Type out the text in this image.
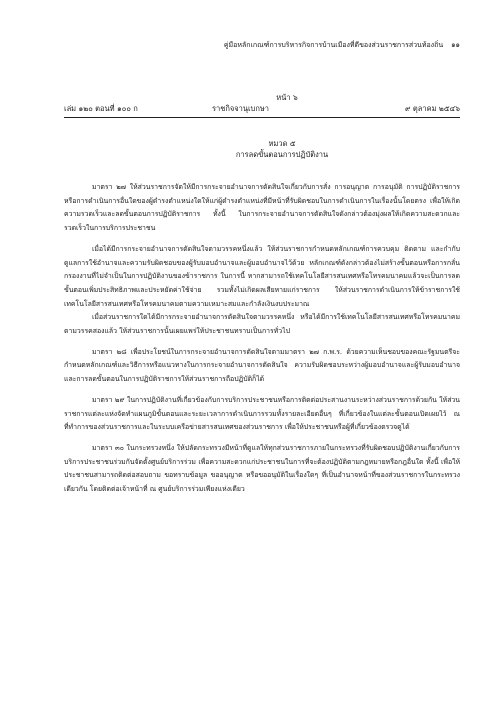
คู่มือหลักเกณฑ์การบริหารกิจการบ้านเมืองที่ดีของส่วนราชการส่วนท้องถิ่น ๑๑
หน้า ๖
เล่ม ๑๒๐ ตอนที่ ๑๐๐ ก	ราชกิจจานุเบกษา	๙ ตุลาคม ๒๕๔๖
หมวด ๕
การลดขั้นตอนการปฏิบัติงาน

มาตรา ๒๗ ให้ส่วนราชการจัดให้มีการกระจายอำนาจการตัดสินใจเกี่ยวกับการสั่ง การอนุญาต การอนุมัติ การปฏิบัติราชการ หรือการดำเนินการอื่นใดของผู้ดำรงตำแหน่งใดให้แก่ผู้ดำรงตำแหน่งที่มีหน้าที่รับผิดชอบในการดำเนินการในเรื่องนั้นโดยตรง เพื่อให้เกิดความรวดเร็วและลดขั้นตอนการปฏิบัติราชการ ทั้งนี้ ในการกระจายอำนาจการตัดสินใจดังกล่าวต้องมุ่งผลให้เกิดความสะดวกและรวดเร็วในการบริการประชาชน

เมื่อได้มีการกระจายอำนาจการตัดสินใจตามวรรคหนึ่งแล้ว ให้ส่วนราชการกำหนดหลักเกณฑ์การควบคุม ติดตาม และกำกับดูแลการใช้อำนาจและความรับผิดชอบของผู้รับมอบอำนาจและผู้มอบอำนาจไว้ด้วย หลักเกณฑ์ดังกล่าวต้องไม่สร้างขั้นตอนหรือการกลั่นกรองงานที่ไม่จำเป็นในการปฏิบัติงานของข้าราชการ ในการนี้ หากสามารถใช้เทคโนโลยีสารสนเทศหรือโทรคมนาคมแล้วจะเป็นการลดขั้นตอนเพิ่มประสิทธิภาพและประหยัดค่าใช้จ่าย รวมทั้งไม่เกิดผลเสียหายแก่ราชการ ให้ส่วนราชการดำเนินการให้ข้าราชการใช้เทคโนโลยีสารสนเทศหรือโทรคมนาคมตามความเหมาะสมและกำลังเงินงบประมาณ

เมื่อส่วนราชการใดได้มีการกระจายอำนาจการตัดสินใจตามวรรคหนึ่ง หรือได้มีการใช้เทคโนโลยีสารสนเทศหรือโทรคมนาคมตามวรรคสองแล้ว ให้ส่วนราชการนั้นเผยแพร่ให้ประชาชนทราบเป็นการทั่วไป

มาตรา ๒๘ เพื่อประโยชน์ในการกระจายอำนาจการตัดสินใจตามมาตรา ๒๗ ก.พ.ร. ด้วยความเห็นชอบของคณะรัฐมนตรีจะกำหนดหลักเกณฑ์และวิธีการหรือแนวทางในการกระจายอำนาจการตัดสินใจ ความรับผิดชอบระหว่างผู้มอบอำนาจและผู้รับมอบอำนาจ และการลดขั้นตอนในการปฏิบัติราชการให้ส่วนราชการถือปฏิบัติก็ได้

มาตรา ๒๙ ในการปฏิบัติงานที่เกี่ยวข้องกับการบริการประชาชนหรือการติดต่อประสานงานระหว่างส่วนราชการด้วยกัน ให้ส่วนราชการแต่ละแห่งจัดทำแผนภูมิขั้นตอนและระยะเวลาการดำเนินการรวมทั้งรายละเอียดอื่นๆ ที่เกี่ยวข้องในแต่ละขั้นตอนเปิดเผยไว้ ณ ที่ทำการของส่วนราชการและในระบบเครือข่ายสารสนเทศของส่วนราชการ เพื่อให้ประชาชนหรือผู้ที่เกี่ยวข้องตรวจดูได้

มาตรา ๓๐ ในกระทรวงหนึ่ง ให้ปลัดกระทรวงมีหน้าที่ดูแลให้ทุกส่วนราชการภายในกระทรวงที่รับผิดชอบปฏิบัติงานเกี่ยวกับการบริการประชาชนร่วมกันจัดตั้งศูนย์บริการร่วม เพื่อความสะดวกแก่ประชาชนในการที่จะต้องปฏิบัติตามกฎหมายหรือกฎอื่นใด ทั้งนี้ เพื่อให้ประชาชนสามารถติดต่อสอบถาม ขอทราบข้อมูล ขออนุญาต หรือขออนุมัติในเรื่องใดๆ ที่เป็นอำนาจหน้าที่ของส่วนราชการในกระทรวงเดียวกัน โดยติดต่อเจ้าหน้าที่ ณ ศูนย์บริการร่วมเพียงแห่งเดียว
